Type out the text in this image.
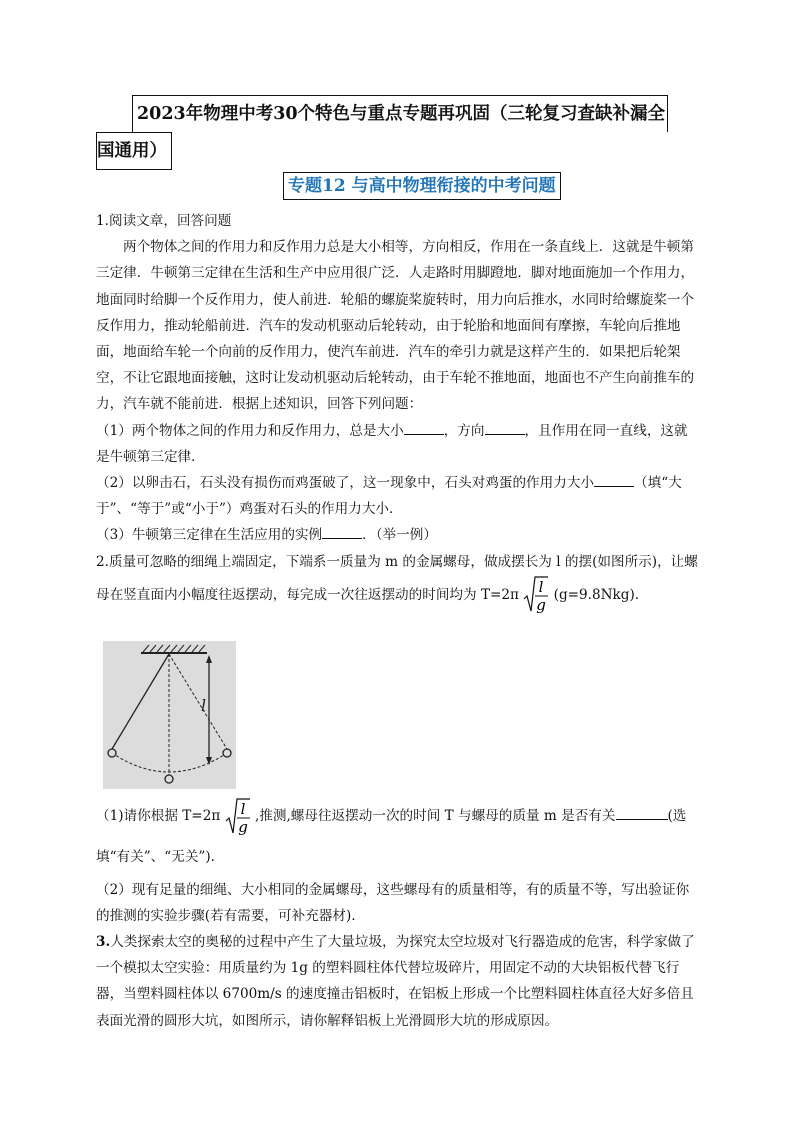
2023年物理中考30个特色与重点专题再巩固（三轮复习查缺补漏全
国通用）
专题12 与高中物理衔接的中考问题

1.阅读文章，回答问题

两个物体之间的作用力和反作用力总是大小相等，方向相反，作用在一条直线上．这就是牛顿第三定律．牛顿第三定律在生活和生产中应用很广泛．人走路时用脚蹬地．脚对地面施加一个作用力，地面同时给脚一个反作用力，使人前进．轮船的螺旋桨旋转时，用力向后推水，水同时给螺旋桨一个反作用力，推动轮船前进．汽车的发动机驱动后轮转动，由于轮胎和地面间有摩擦，车轮向后推地面，地面给车轮一个向前的反作用力，使汽车前进．汽车的牵引力就是这样产生的．如果把后轮架空，不让它跟地面接触，这时让发动机驱动后轮转动，由于车轮不推地面，地面也不产生向前推车的力，汽车就不能前进．根据上述知识，回答下列问题：

（1）两个物体之间的作用力和反作用力，总是大小	，方向	，且作用在同一直线，这就是牛顿第三定律．

（2）以卵击石，石头没有损伤而鸡蛋破了，这一现象中，石头对鸡蛋的作用力大小	（填“大于”、“等于”或“小于”）鸡蛋对石头的作用力大小．

（3）牛顿第三定律在生活应用的实例	．（举一例）

2.质量可忽略的细绳上端固定，下端系一质量为 m 的金属螺母，做成摆长为 l 的摆(如图所示)，让螺

母在竖直面内小幅度往返摆动，每完成一次往返摆动的时间均为 T=2π l
g
(g=9.8Nkg).

l

（1)请你根据 T=2π l
g
,推测,螺母往返摆动一次的时间 T 与螺母的质量 m 是否有关	(选填“有关”、“无关”).

（2）现有足量的细绳、大小相同的金属螺母，这些螺母有的质量相等，有的质量不等，写出验证你的推测的实验步骤(若有需要，可补充器材).

3.人类探索太空的奥秘的过程中产生了大量垃圾，为探究太空垃圾对飞行器造成的危害，科学家做了一个模拟太空实验：用质量约为 1g 的塑料圆柱体代替垃圾碎片，用固定不动的大块铝板代替飞行器，当塑料圆柱体以 6700m/s 的速度撞击铝板时，在铝板上形成一个比塑料圆柱体直径大好多倍且表面光滑的圆形大坑，如图所示，请你解释铝板上光滑圆形大坑的形成原因。
